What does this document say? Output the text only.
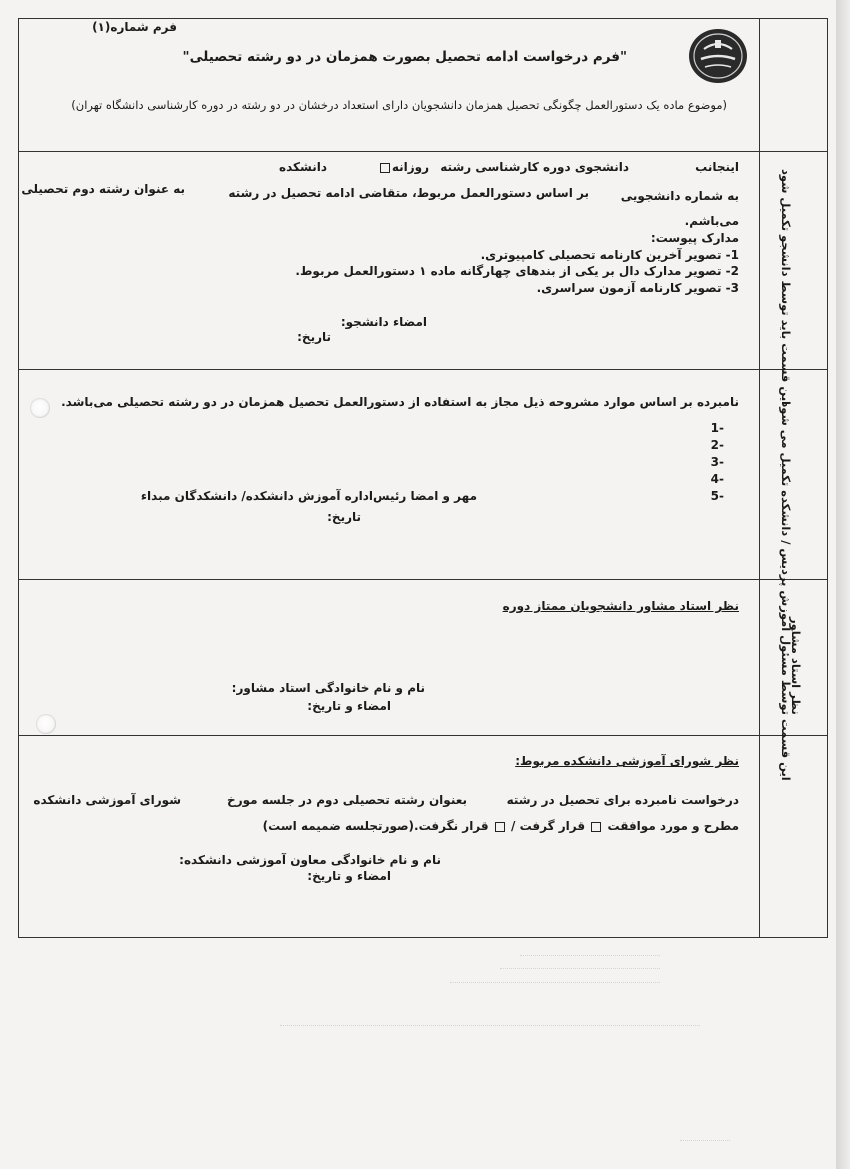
فرم شماره(۱)
"فرم درخواست ادامه تحصیل بصورت همزمان در دو رشته تحصیلی"
(موضوع ماده یک دستورالعمل چگونگی تحصیل همزمان دانشجویان دارای استعداد درخشان در دو رشته در دوره کارشناسی دانشگاه تهران)
این قسمت باید توسط دانشجو تکمیل شود
اینجانب
دانشجوی دوره کارشناسی رشته
روزانه
دانشکده
به شماره دانشجویی
بر اساس دستورالعمل مربوط، متقاضی ادامه تحصیل در رشته
به عنوان رشته دوم تحصیلی
می‌باشم.
مدارک پیوست:
1- تصویر آخرین کارنامه تحصیلی کامپیوتری.
2- تصویر مدارک دال بر یکی از بندهای چهارگانه ماده ۱ دستورالعمل مربوط.
3- تصویر کارنامه آزمون سراسری.
امضاء دانشجو:
تاریخ:
این قسمت توسط مسئول آموزش پردیس / دانشکده تکمیل می شود.
نامبرده بر اساس موارد مشروحه ذیل مجاز به استفاده از دستورالعمل تحصیل همزمان در دو رشته تحصیلی می‌باشد.
-1
-2
-3
-4
-5
مهر و امضا رئیس‌اداره آموزش دانشکده/ دانشکدگان مبداء
تاریخ:
نظر استاد مشاور
نظر استاد مشاور دانشجویان ممتاز دوره
نام و نام خانوادگی استاد مشاور:
امضاء و تاریخ:
نظر شورای آموزشی دانشکده مربوط:
درخواست نامبرده برای تحصیل در رشته
بعنوان رشته تحصیلی دوم در جلسه مورخ
شورای آموزشی دانشکده
مطرح و مورد موافقت  قرار گرفت /  قرار نگرفت.(صورتجلسه ضمیمه است)
نام و نام خانوادگی معاون آموزشی دانشکده:
امضاء و تاریخ:
